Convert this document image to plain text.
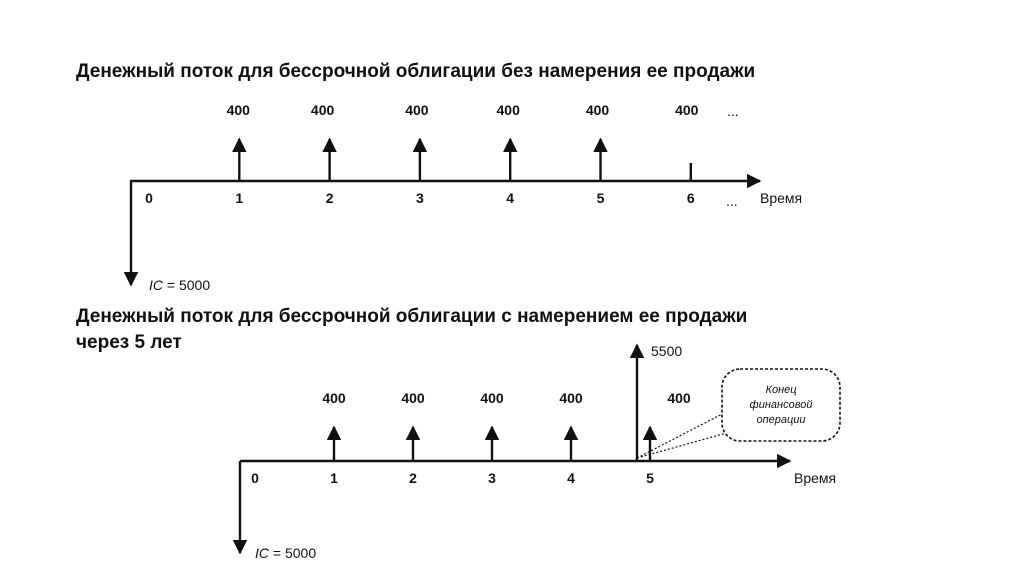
Денежный поток для бессрочной облигации без намерения ее продажи
Денежный поток для бессрочной облигации с намерением ее продажи
через 5 лет
Время
...
...
IC = 5000
0	1	2	3	4	5	6
400	400	400	400	400	400
Время
IC = 5000
0	1	2	3	4	5
400	400	400	400	400
5500
Конец
финансовой
операции
